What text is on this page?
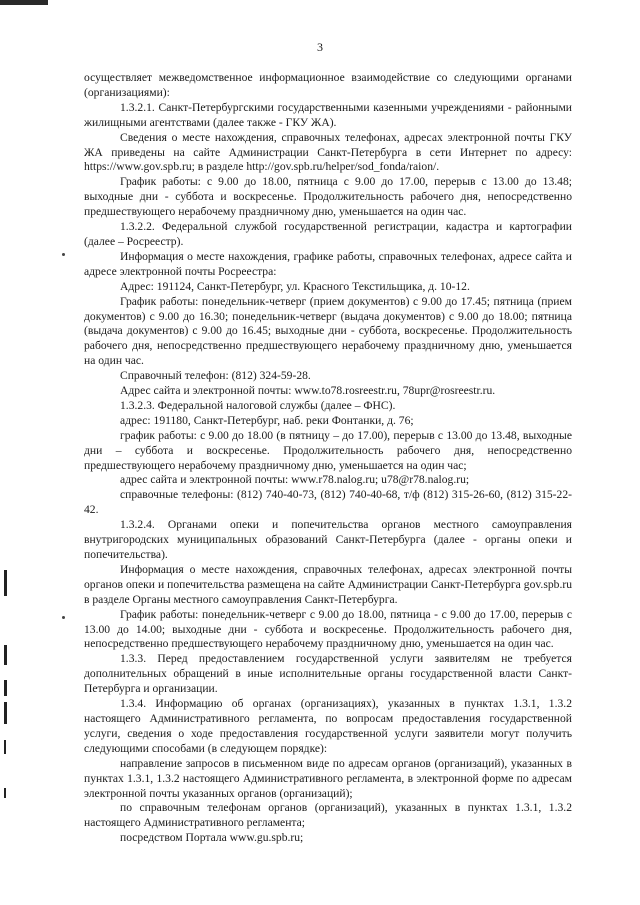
3

осуществляет межведомственное информационное взаимодействие со следующими органами (организациями):

1.3.2.1. Санкт-Петербургскими государственными казенными учреждениями - районными жилищными агентствами (далее также - ГКУ ЖА).

Сведения о месте нахождения, справочных телефонах, адресах электронной почты ГКУ ЖА приведены на сайте Администрации Санкт-Петербурга в сети Интернет по адресу: https://www.gov.spb.ru; в разделе http://gov.spb.ru/helper/sod_fonda/raion/.

График работы: с 9.00 до 18.00, пятница с 9.00 до 17.00, перерыв с 13.00 до 13.48; выходные дни - суббота и воскресенье. Продолжительность рабочего дня, непосредственно предшествующего нерабочему праздничному дню, уменьшается на один час.

1.3.2.2. Федеральной службой государственной регистрации, кадастра и картографии (далее – Росреестр).

Информация о месте нахождения, графике работы, справочных телефонах, адресе сайта и адресе электронной почты Росреестра:

Адрес: 191124, Санкт-Петербург, ул. Красного Текстильщика, д. 10-12.

График работы: понедельник-четверг (прием документов) с 9.00 до 17.45; пятница (прием документов) с 9.00 до 16.30; понедельник-четверг (выдача документов) с 9.00 до 18.00; пятница (выдача документов) с 9.00 до 16.45; выходные дни - суббота, воскресенье. Продолжительность рабочего дня, непосредственно предшествующего нерабочему праздничному дню, уменьшается на один час.

Справочный телефон: (812) 324-59-28.

Адрес сайта и электронной почты: www.to78.rosreestr.ru, 78upr@rosreestr.ru.

1.3.2.3. Федеральной налоговой службы (далее – ФНС).

адрес: 191180, Санкт-Петербург, наб. реки Фонтанки, д. 76;

график работы: с 9.00 до 18.00 (в пятницу – до 17.00), перерыв с 13.00 до 13.48, выходные дни – суббота и воскресенье. Продолжительность рабочего дня, непосредственно предшествующего нерабочему праздничному дню, уменьшается на один час;

адрес сайта и электронной почты: www.r78.nalog.ru; u78@r78.nalog.ru;

справочные телефоны: (812) 740-40-73, (812) 740-40-68, т/ф (812) 315-26-60, (812) 315-22-42.

1.3.2.4. Органами опеки и попечительства органов местного самоуправления внутригородских муниципальных образований Санкт-Петербурга (далее - органы опеки и попечительства).

Информация о месте нахождения, справочных телефонах, адресах электронной почты органов опеки и попечительства размещена на сайте Администрации Санкт-Петербурга gov.spb.ru в разделе Органы местного самоуправления Санкт-Петербурга.

График работы: понедельник-четверг с 9.00 до 18.00, пятница - с 9.00 до 17.00, перерыв с 13.00 до 14.00; выходные дни - суббота и воскресенье. Продолжительность рабочего дня, непосредственно предшествующего нерабочему праздничному дню, уменьшается на один час.

1.3.3. Перед предоставлением государственной услуги заявителям не требуется дополнительных обращений в иные исполнительные органы государственной власти Санкт-Петербурга и организации.

1.3.4. Информацию об органах (организациях), указанных в пунктах 1.3.1, 1.3.2 настоящего Административного регламента, по вопросам предоставления государственной услуги, сведения о ходе предоставления государственной услуги заявители могут получить следующими способами (в следующем порядке):

направление запросов в письменном виде по адресам органов (организаций), указанных в пунктах 1.3.1, 1.3.2 настоящего Административного регламента, в электронной форме по адресам электронной почты указанных органов (организаций);

по справочным телефонам органов (организаций), указанных в пунктах 1.3.1, 1.3.2 настоящего Административного регламента;

посредством Портала www.gu.spb.ru;
